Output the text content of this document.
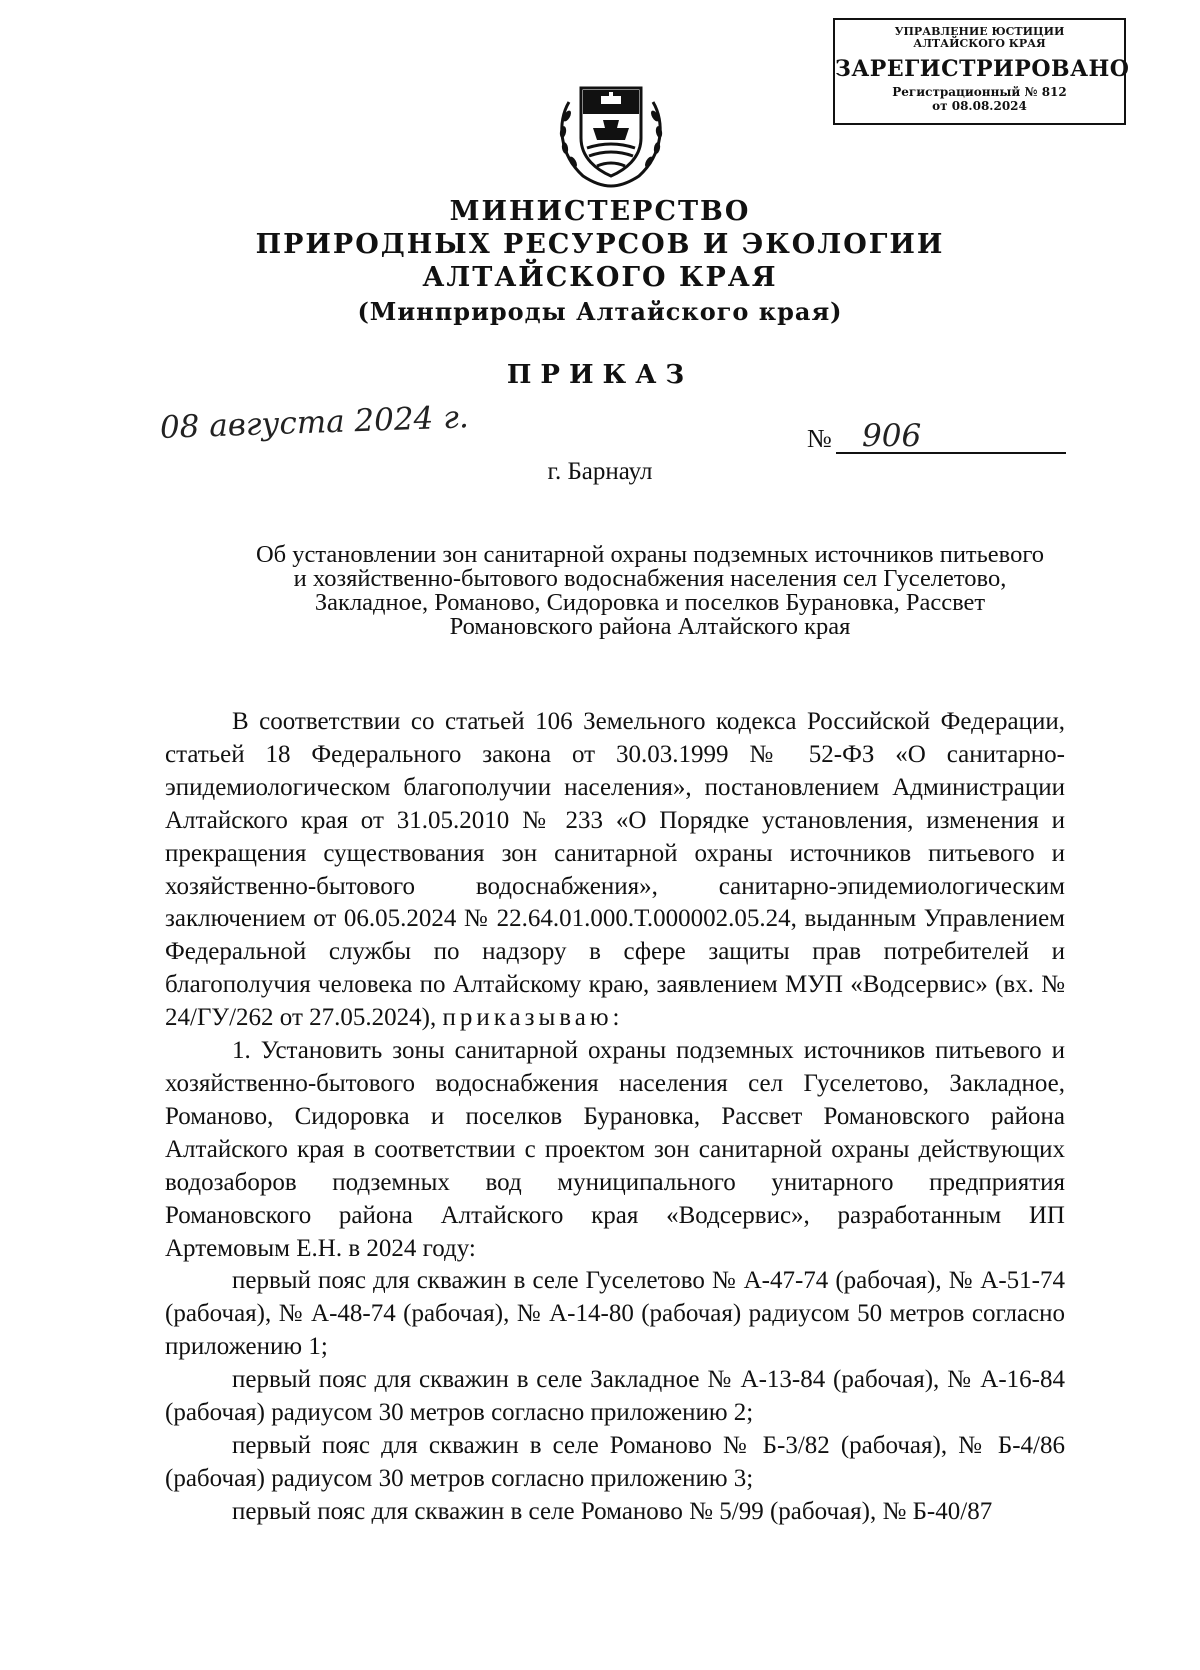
УПРАВЛЕНИЕ ЮСТИЦИИ
АЛТАЙСКОГО КРАЯ
ЗАРЕГИСТРИРОВАНО
Регистрационный № 812
от 08.08.2024
МИНИСТЕРСТВО
ПРИРОДНЫХ РЕСУРСОВ И ЭКОЛОГИИ
АЛТАЙСКОГО КРАЯ
(Минприроды Алтайского края)
ПРИКАЗ
08 августа 2024 г.	№ 906
г. Барнаул
Об установлении зон санитарной охраны подземных источников питьевого и хозяйственно-бытового водоснабжения населения сел Гуселетово, Закладное, Романово, Сидоровка и поселков Бурановка, Рассвет Романовского района Алтайского края
В соответствии со статьей 106 Земельного кодекса Российской Федерации, статьей 18 Федерального закона от 30.03.1999 № 52-ФЗ «О санитарно-эпидемиологическом благополучии населения», постановлением Администрации Алтайского края от 31.05.2010 № 233 «О Порядке установления, изменения и прекращения существования зон санитарной охраны источников питьевого и хозяйственно-бытового водоснабжения», санитарно-эпидемиологическим заключением от 06.05.2024 № 22.64.01.000.Т.000002.05.24, выданным Управлением Федеральной службы по надзору в сфере защиты прав потребителей и благополучия человека по Алтайскому краю, заявлением МУП «Водсервис» (вх. № 24/ГУ/262 от 27.05.2024), приказываю:
1. Установить зоны санитарной охраны подземных источников питьевого и хозяйственно-бытового водоснабжения населения сел Гуселетово, Закладное, Романово, Сидоровка и поселков Бурановка, Рассвет Романовского района Алтайского края в соответствии с проектом зон санитарной охраны действующих водозаборов подземных вод муниципального унитарного предприятия Романовского района Алтайского края «Водсервис», разработанным ИП Артемовым Е.Н. в 2024 году:
первый пояс для скважин в селе Гуселетово № А-47-74 (рабочая), № А-51-74 (рабочая), № А-48-74 (рабочая), № А-14-80 (рабочая) радиусом 50 метров согласно приложению 1;
первый пояс для скважин в селе Закладное № А-13-84 (рабочая), № А-16-84 (рабочая) радиусом 30 метров согласно приложению 2;
первый пояс для скважин в селе Романово № Б-3/82 (рабочая), № Б-4/86 (рабочая) радиусом 30 метров согласно приложению 3;
первый пояс для скважин в селе Романово № 5/99 (рабочая), № Б-40/87
